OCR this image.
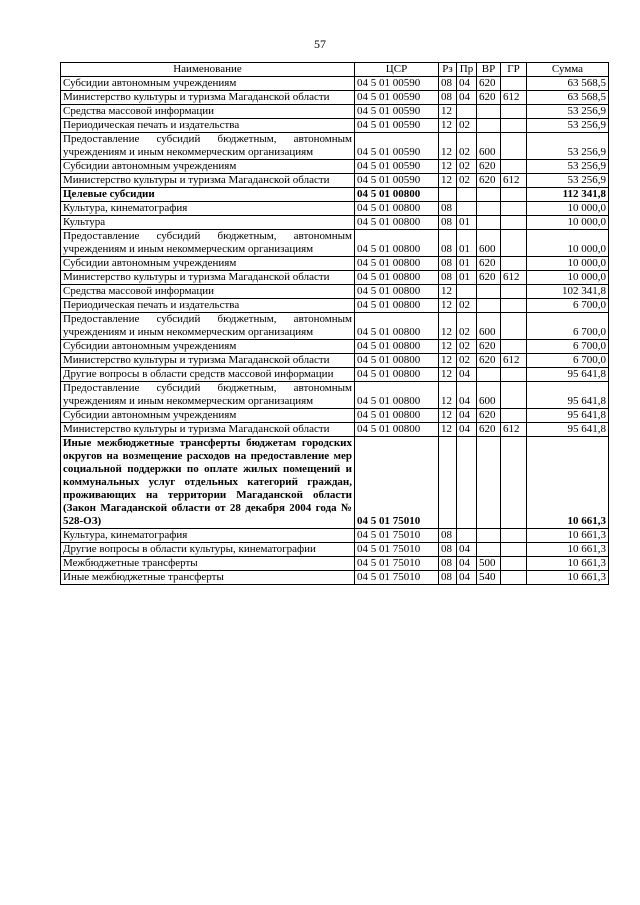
57
Наименование	ЦСР	Рз	Пр	ВР	ГР	Сумма
Субсидии автономным учреждениям	04 5 01 00590	08	04	620		63 568,5
Министерство культуры и туризма Магаданской области	04 5 01 00590	08	04	620	612	63 568,5
Средства массовой информации	04 5 01 00590	12				53 256,9
Периодическая печать и издательства	04 5 01 00590	12	02			53 256,9
Предоставление субсидий бюджетным, автономным учреждениям и иным некоммерческим организациям	04 5 01 00590	12	02	600		53 256,9
Субсидии автономным учреждениям	04 5 01 00590	12	02	620		53 256,9
Министерство культуры и туризма Магаданской области	04 5 01 00590	12	02	620	612	53 256,9
Целевые субсидии	04 5 01 00800					112 341,8
Культура, кинематография	04 5 01 00800	08				10 000,0
Культура	04 5 01 00800	08	01			10 000,0
Предоставление субсидий бюджетным, автономным учреждениям и иным некоммерческим организациям	04 5 01 00800	08	01	600		10 000,0
Субсидии автономным учреждениям	04 5 01 00800	08	01	620		10 000,0
Министерство культуры и туризма Магаданской области	04 5 01 00800	08	01	620	612	10 000,0
Средства массовой информации	04 5 01 00800	12				102 341,8
Периодическая печать и издательства	04 5 01 00800	12	02			6 700,0
Предоставление субсидий бюджетным, автономным учреждениям и иным некоммерческим организациям	04 5 01 00800	12	02	600		6 700,0
Субсидии автономным учреждениям	04 5 01 00800	12	02	620		6 700,0
Министерство культуры и туризма Магаданской области	04 5 01 00800	12	02	620	612	6 700,0
Другие вопросы в области средств массовой информации	04 5 01 00800	12	04			95 641,8
Предоставление субсидий бюджетным, автономным учреждениям и иным некоммерческим организациям	04 5 01 00800	12	04	600		95 641,8
Субсидии автономным учреждениям	04 5 01 00800	12	04	620		95 641,8
Министерство культуры и туризма Магаданской области	04 5 01 00800	12	04	620	612	95 641,8
Иные межбюджетные трансферты бюджетам городских округов на возмещение расходов на предоставление мер социальной поддержки по оплате жилых помещений и коммунальных услуг отдельных категорий граждан, проживающих на территории Магаданской области (Закон Магаданской области от 28 декабря 2004 года № 528-ОЗ)	04 5 01 75010					10 661,3
Культура, кинематография	04 5 01 75010	08				10 661,3
Другие вопросы в области культуры, кинематографии	04 5 01 75010	08	04			10 661,3
Межбюджетные трансферты	04 5 01 75010	08	04	500		10 661,3
Иные межбюджетные трансферты	04 5 01 75010	08	04	540		10 661,3
